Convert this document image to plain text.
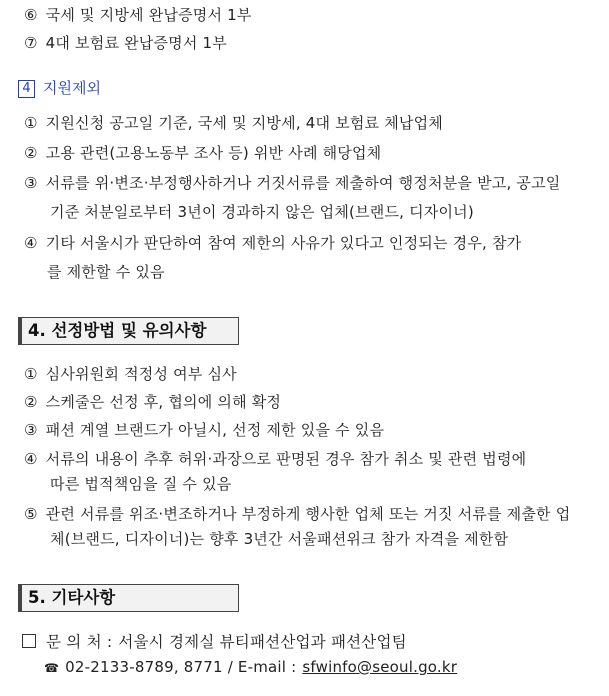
⑥ 국세 및 지방세 완납증명서 1부
⑦ 4대 보험료 완납증명서 1부
4 지원제외
① 지원신청 공고일 기준, 국세 및 지방세, 4대 보험료 체납업체
② 고용 관련(고용노동부 조사 등) 위반 사례 해당업체
③ 서류를 위·변조·부정행사하거나 거짓서류를 제출하여 행정처분을 받고, 공고일
기준 처분일로부터 3년이 경과하지 않은 업체(브랜드, 디자이너)
④ 기타 서울시가 판단하여 참여 제한의 사유가 있다고 인정되는 경우, 참가
를 제한할 수 있음
4. 선정방법 및 유의사항
① 심사위원회 적정성 여부 심사
② 스케줄은 선정 후, 협의에 의해 확정
③ 패션 계열 브랜드가 아닐시, 선정 제한 있을 수 있음
④ 서류의 내용이 추후 허위·과장으로 판명된 경우 참가 취소 및 관련 법령에
따른 법적책임을 질 수 있음
⑤ 관련 서류를 위조·변조하거나 부정하게 행사한 업체 또는 거짓 서류를 제출한 업
체(브랜드, 디자이너)는 향후 3년간 서울패션위크 참가 자격을 제한함
5. 기타사항
문 의 처 : 서울시 경제실 뷰티패션산업과 패션산업팀
☎ 02-2133-8789, 8771 / E-mail : sfwinfo@seoul.go.kr
